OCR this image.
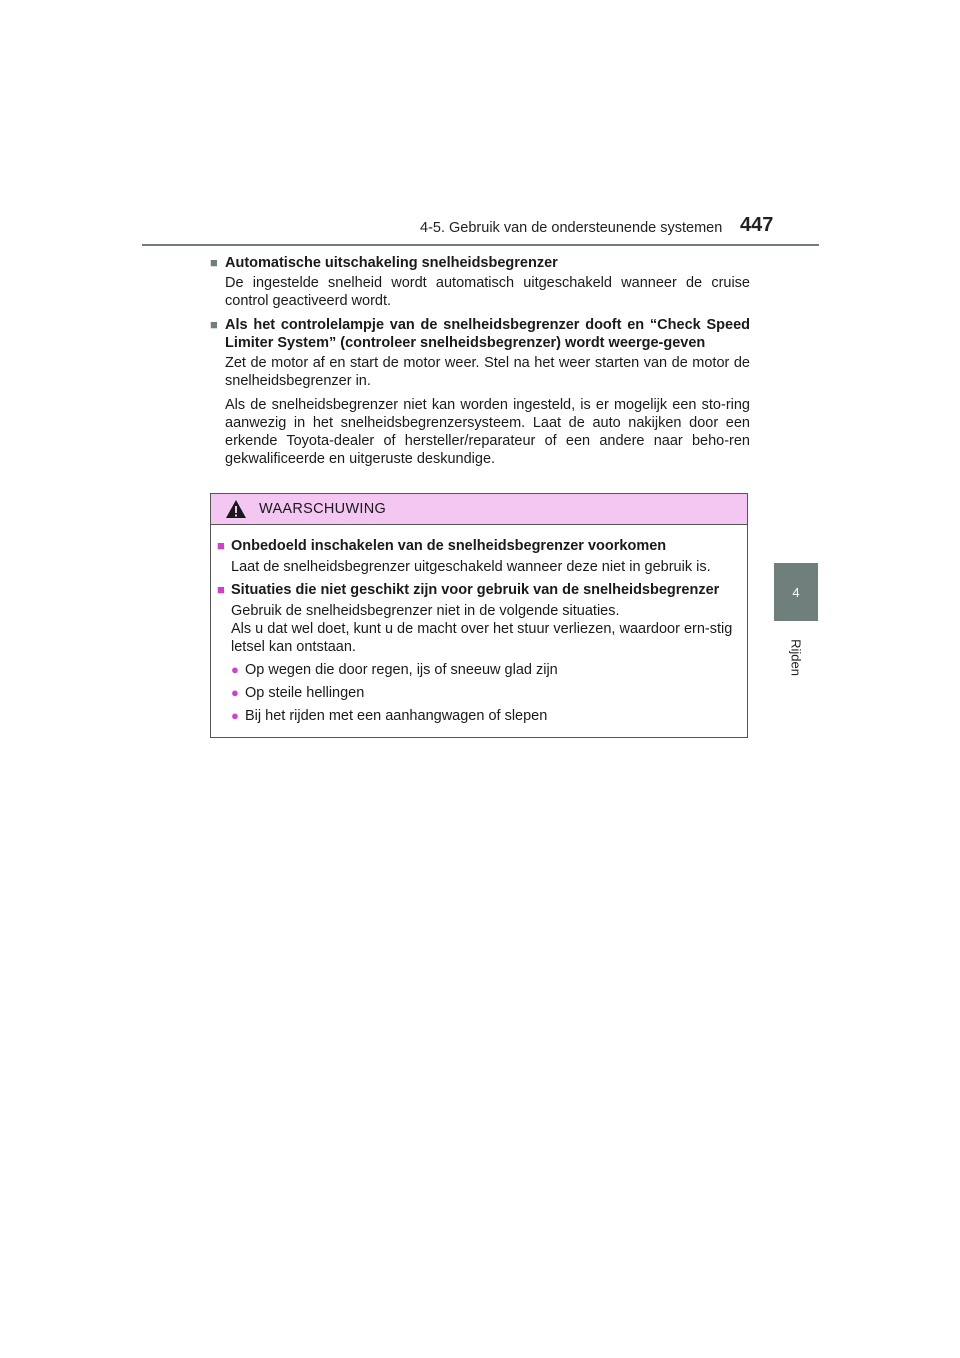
4-5. Gebruik van de ondersteunende systemen 447
4
Rijden
■ Automatische uitschakeling snelheidsbegrenzer
De ingestelde snelheid wordt automatisch uitgeschakeld wanneer de cruise control geactiveerd wordt.
■ Als het controlelampje van de snelheidsbegrenzer dooft en “Check Speed Limiter System” (controleer snelheidsbegrenzer) wordt weerge-geven
Zet de motor af en start de motor weer. Stel na het weer starten van de motor de snelheidsbegrenzer in.
Als de snelheidsbegrenzer niet kan worden ingesteld, is er mogelijk een sto-ring aanwezig in het snelheidsbegrenzersysteem. Laat de auto nakijken door een erkende Toyota-dealer of hersteller/reparateur of een andere naar beho-ren gekwalificeerde en uitgeruste deskundige.
WAARSCHUWING
■ Onbedoeld inschakelen van de snelheidsbegrenzer voorkomen
Laat de snelheidsbegrenzer uitgeschakeld wanneer deze niet in gebruik is.
■ Situaties die niet geschikt zijn voor gebruik van de snelheidsbegrenzer
Gebruik de snelheidsbegrenzer niet in de volgende situaties.
Als u dat wel doet, kunt u de macht over het stuur verliezen, waardoor ern-stig letsel kan ontstaan.
● Op wegen die door regen, ijs of sneeuw glad zijn
● Op steile hellingen
● Bij het rijden met een aanhangwagen of slepen
